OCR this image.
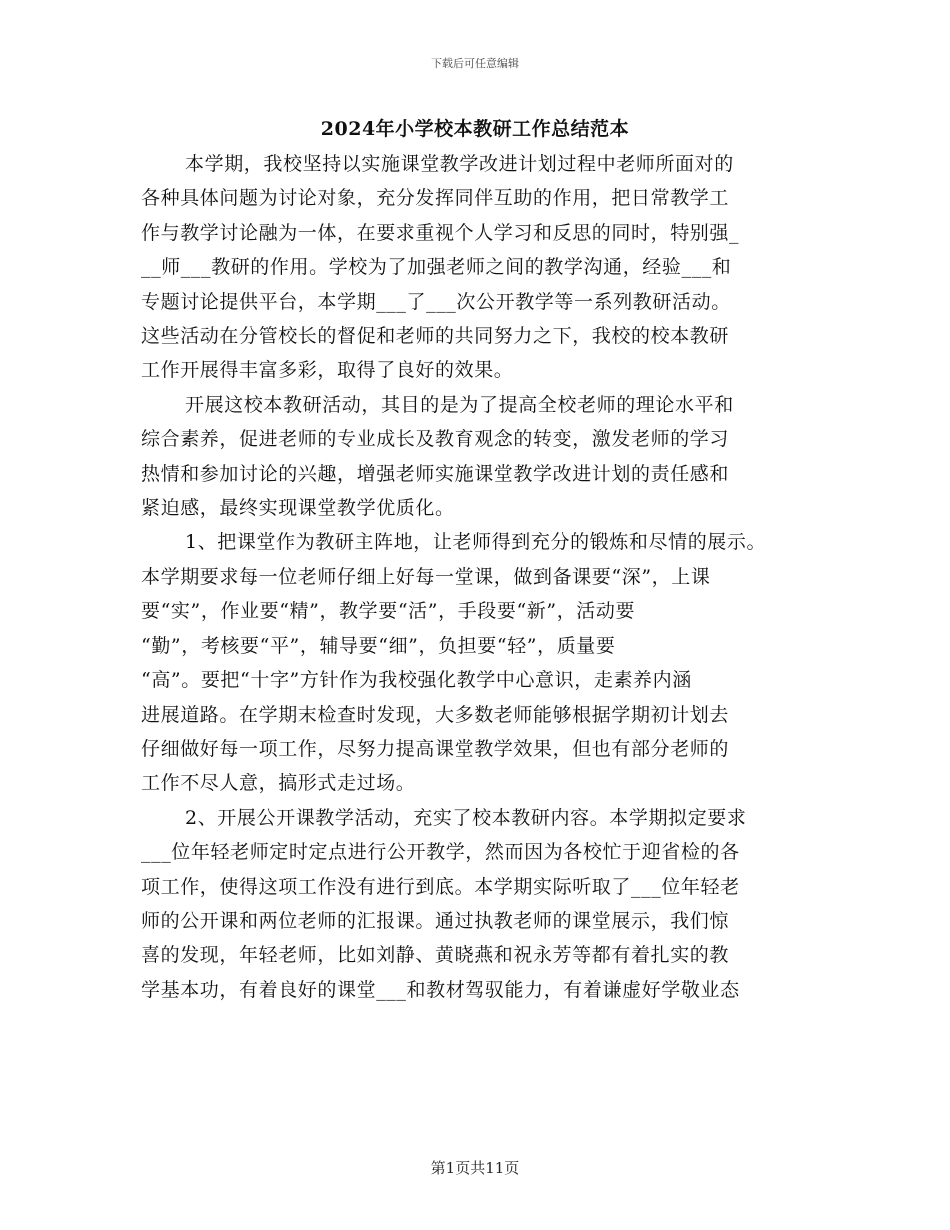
下载后可任意编辑
2024年小学校本教研工作总结范本
本学期，我校坚持以实施课堂教学改进计划过程中老师所面对的
各种具体问题为讨论对象，充分发挥同伴互助的作用，把日常教学工
作与教学讨论融为一体，在要求重视个人学习和反思的同时，特别强_
__师___教研的作用。学校为了加强老师之间的教学沟通，经验___和
专题讨论提供平台，本学期___了___次公开教学等一系列教研活动。
这些活动在分管校长的督促和老师的共同努力之下，我校的校本教研
工作开展得丰富多彩，取得了良好的效果。
开展这校本教研活动，其目的是为了提高全校老师的理论水平和
综合素养，促进老师的专业成长及教育观念的转变，激发老师的学习
热情和参加讨论的兴趣，增强老师实施课堂教学改进计划的责任感和
紧迫感，最终实现课堂教学优质化。
1、把课堂作为教研主阵地，让老师得到充分的锻炼和尽情的展示。
本学期要求每一位老师仔细上好每一堂课，做到备课要“深”，上课
要“实”，作业要“精”，教学要“活”，手段要“新”，活动要
“勤”，考核要“平”，辅导要“细”，负担要“轻”，质量要
“高”。要把“十字”方针作为我校强化教学中心意识，走素养内涵
进展道路。在学期末检查时发现，大多数老师能够根据学期初计划去
仔细做好每一项工作，尽努力提高课堂教学效果，但也有部分老师的
工作不尽人意，搞形式走过场。
2、开展公开课教学活动，充实了校本教研内容。本学期拟定要求
___位年轻老师定时定点进行公开教学，然而因为各校忙于迎省检的各
项工作，使得这项工作没有进行到底。本学期实际听取了___位年轻老
师的公开课和两位老师的汇报课。通过执教老师的课堂展示，我们惊
喜的发现，年轻老师，比如刘静、黄晓燕和祝永芳等都有着扎实的教
学基本功，有着良好的课堂___和教材驾驭能力，有着谦虚好学敬业态
第1页共11页
